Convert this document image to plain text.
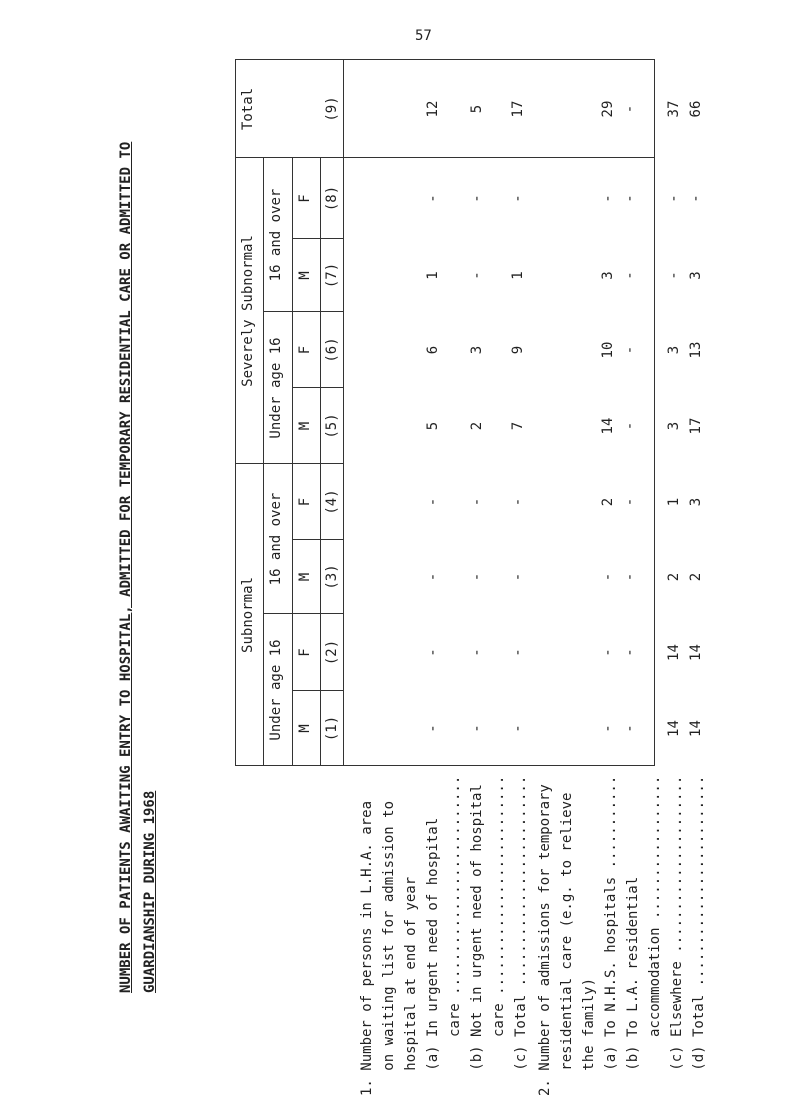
57
NUMBER OF PATIENTS AWAITING ENTRY TO HOSPITAL, ADMITTED FOR TEMPORARY RESIDENTIAL CARE OR ADMITTED TO GUARDIANSHIP DURING 1968
Subnormal
Severely Subnormal
Total
Under age 16
16 and over
Under age 16
16 and over
M
F
M
F
M
F
M
F
(1)
(2)
(3)
(4)
(5)
(6)
(7)
(8)
(9)
1. Number of persons in L.H.A. area on waiting list for admission to hospital at end of year (a) In urgent need of hospital care .......................... (b) Not in urgent need of hospital care .......................... (c) Total ......................... 2. Number of admissions for temporary residential care (e.g. to relieve the family) (a) To N.H.S. hospitals ........... (b) To L.A. residential accommodation ................. (c) Elsewhere ..................... (d) Total .........................
-
-
-
-
5
6
1
-
12
-
-
-
-
2
3
-
-
5
-
-
-
-
7
9
1
-
17
-
-
-
2
14
10
3
-
29
-
-
-
-
-
-
-
-
-
14
14
2
1
3
3
-
-
37
14
14
2
3
17
13
3
-
66
